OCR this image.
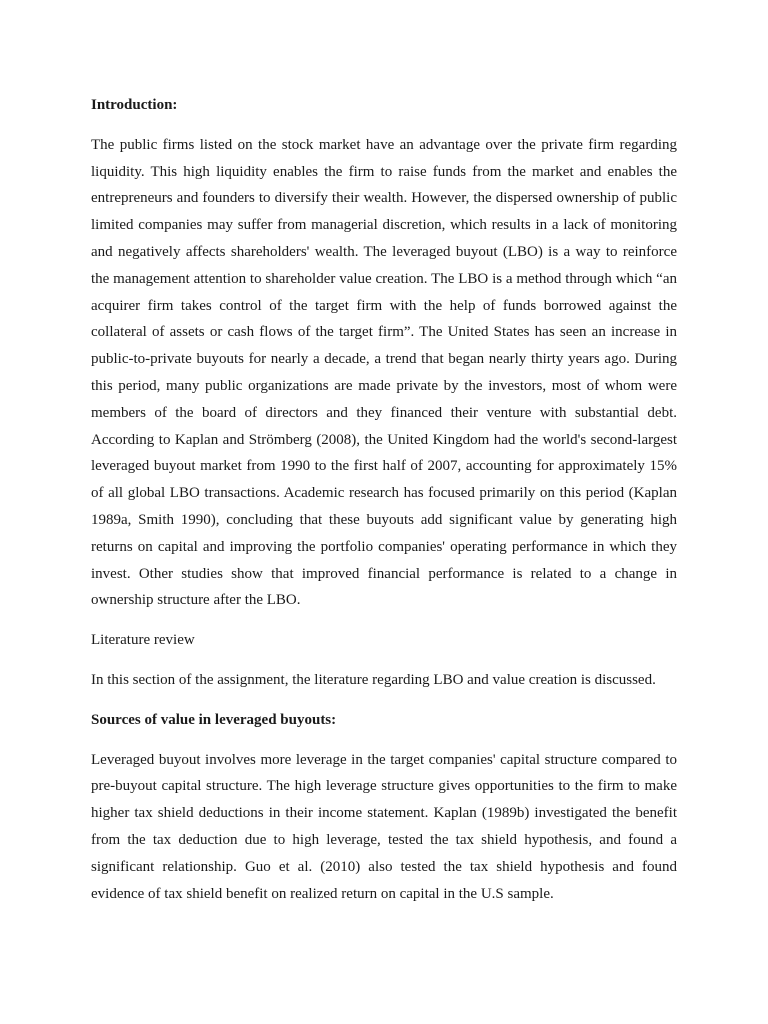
Introduction:

The public firms listed on the stock market have an advantage over the private firm regarding liquidity. This high liquidity enables the firm to raise funds from the market and enables the entrepreneurs and founders to diversify their wealth. However, the dispersed ownership of public limited companies may suffer from managerial discretion, which results in a lack of monitoring and negatively affects shareholders' wealth. The leveraged buyout (LBO) is a way to reinforce the management attention to shareholder value creation. The LBO is a method through which “an acquirer firm takes control of the target firm with the help of funds borrowed against the collateral of assets or cash flows of the target firm”. The United States has seen an increase in public-to-private buyouts for nearly a decade, a trend that began nearly thirty years ago. During this period, many public organizations are made private by the investors, most of whom were members of the board of directors and they financed their venture with substantial debt. According to Kaplan and Strömberg (2008), the United Kingdom had the world's second-largest leveraged buyout market from 1990 to the first half of 2007, accounting for approximately 15% of all global LBO transactions. Academic research has focused primarily on this period (Kaplan 1989a, Smith 1990), concluding that these buyouts add significant value by generating high returns on capital and improving the portfolio companies' operating performance in which they invest. Other studies show that improved financial performance is related to a change in ownership structure after the LBO.

Literature review

In this section of the assignment, the literature regarding LBO and value creation is discussed.

Sources of value in leveraged buyouts:

Leveraged buyout involves more leverage in the target companies' capital structure compared to pre-buyout capital structure. The high leverage structure gives opportunities to the firm to make higher tax shield deductions in their income statement. Kaplan (1989b) investigated the benefit from the tax deduction due to high leverage, tested the tax shield hypothesis, and found a significant relationship. Guo et al. (2010) also tested the tax shield hypothesis and found evidence of tax shield benefit on realized return on capital in the U.S sample.
